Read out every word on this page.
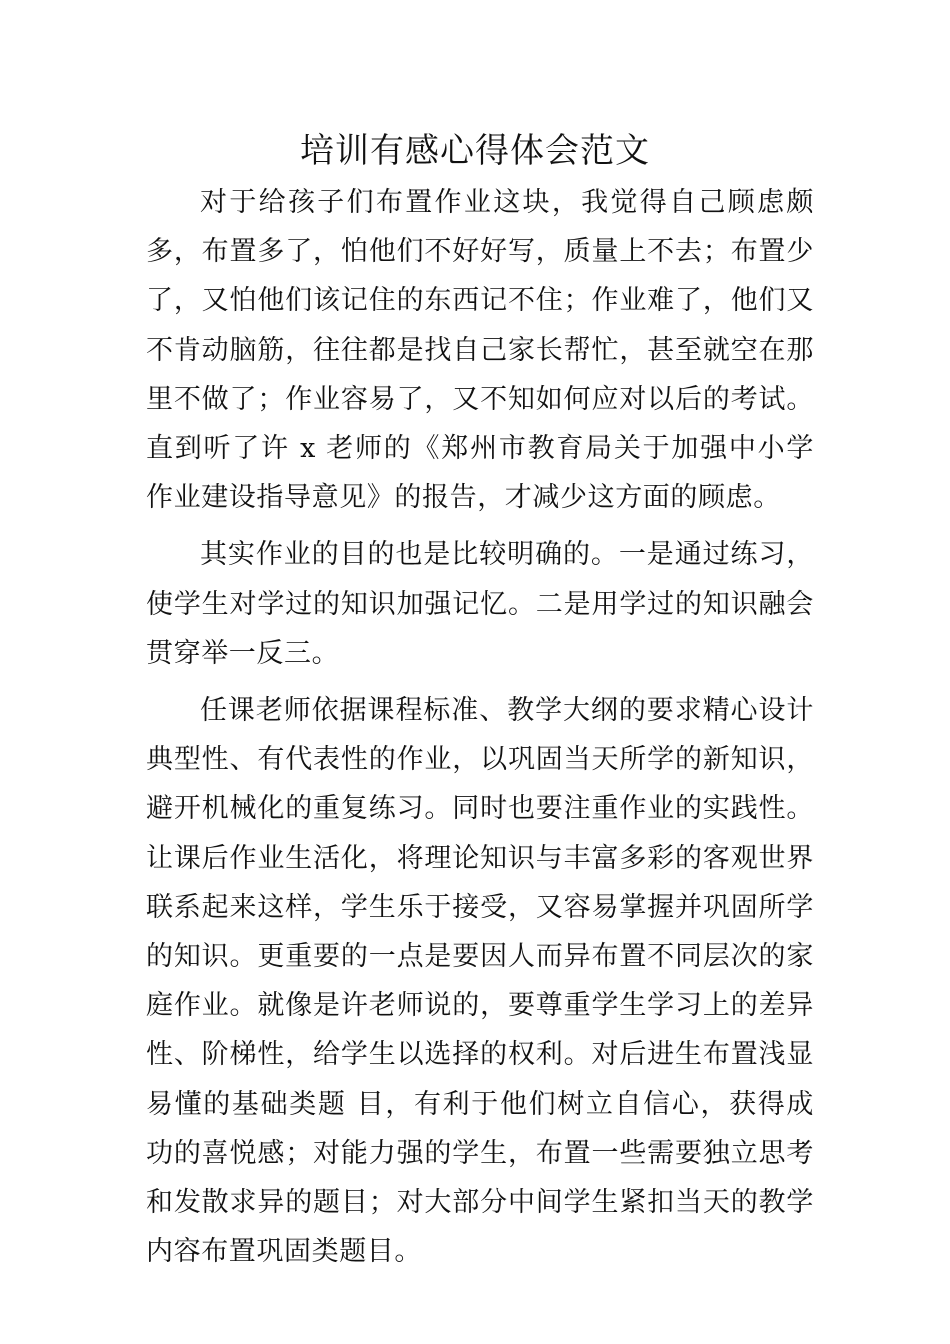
培训有感心得体会范文

对于给孩子们布置作业这块，我觉得自己顾虑颇多，布置多了，怕他们不好好写，质量上不去；布置少了，又怕他们该记住的东西记不住；作业难了，他们又不肯动脑筋，往往都是找自己家长帮忙，甚至就空在那里不做了；作业容易了，又不知如何应对以后的考试。直到听了许 x 老师的《郑州市教育局关于加强中小学作业建设指导意见》的报告，才减少这方面的顾虑。

其实作业的目的也是比较明确的。一是通过练习，使学生对学过的知识加强记忆。二是用学过的知识融会贯穿举一反三。

任课老师依据课程标准、教学大纲的要求精心设计典型性、有代表性的作业，以巩固当天所学的新知识，避开机械化的重复练习。同时也要注重作业的实践性。让课后作业生活化，将理论知识与丰富多彩的客观世界联系起来这样，学生乐于接受，又容易掌握并巩固所学的知识。更重要的一点是要因人而异布置不同层次的家庭作业。就像是许老师说的，要尊重学生学习上的差异性、阶梯性，给学生以选择的权利。对后进生布置浅显易懂的基础类题 目，有利于他们树立自信心，获得成功的喜悦感；对能力强的学生，布置一些需要独立思考和发散求异的题目；对大部分中间学生紧扣当天的教学内容布置巩固类题目。
